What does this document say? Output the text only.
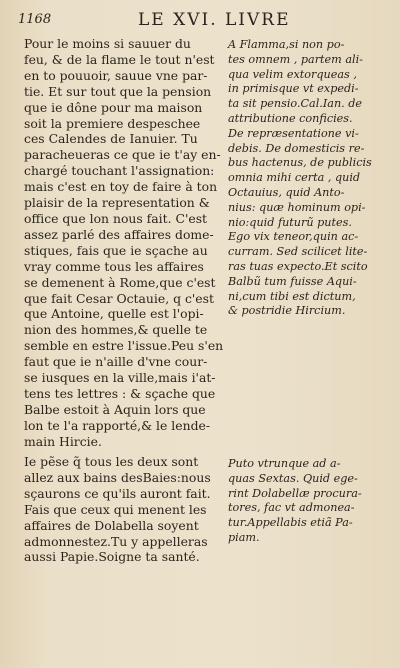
1168	LE XVI. LIVRE
Pour le moins si sauuer du
feu, & de la flame le tout n'est
en to pouuoir, sauue vne par-
tie. Et sur tout que la pension
que ie dône pour ma maison
soit la premiere despeschee
ces Calendes de Ianuier. Tu
paracheueras ce que ie t'ay en-
chargé touchant l'assignation:
mais c'est en toy de faire à ton
plaisir de la representation &
office que lon nous fait. C'est
assez parlé des affaires dome-
stiques, fais que ie sçache au
vray comme tous les affaires
se demenent à Rome,que c'est
que fait Cesar Octauie, q c'est
que Antoine, quelle est l'opi-
nion des hommes,& quelle te
semble en estre l'issue.Peu s'en
faut que ie n'aille d'vne cour-
se iusques en la ville,mais i'at-
tens tes lettres : & sçache que
Balbe estoit à Aquin lors que
lon te l'a rapporté,& le lende-
main Hircie.
Ie pẽse q̃ tous les deux sont
allez aux bains desBaies:nous
sçaurons ce qu'ils auront fait.
Fais que ceux qui menent les
affaires de Dolabella soyent
admonnestez.Tu y appelleras
aussi Papie.Soigne ta santé.
A Flamma,si non po-
tes omnem , partem ali-
qua velim extorqueas ,
in primisque vt expedi-
ta sit pensio.Cal.Ian. de
attributione conficies.
De repræsentatione vi-
debis. De domesticis re-
bus hactenus, de publicis
omnia mihi certa , quid
Octauius, quid Anto-
nius: quæ hominum opi-
nio:quid futurũ putes.
Ego vix teneor,quin ac-
curram. Sed scilicet lite-
ras tuas expecto.Et scito
Balbũ tum fuisse Aqui-
ni,cum tibi est dictum,
& postridie Hircium.
Puto vtrunque ad a-
quas Sextas. Quid ege-
rint Dolabellæ procura-
tores, fac vt admonea-
tur.Appellabis etiã Pa-
piam.
